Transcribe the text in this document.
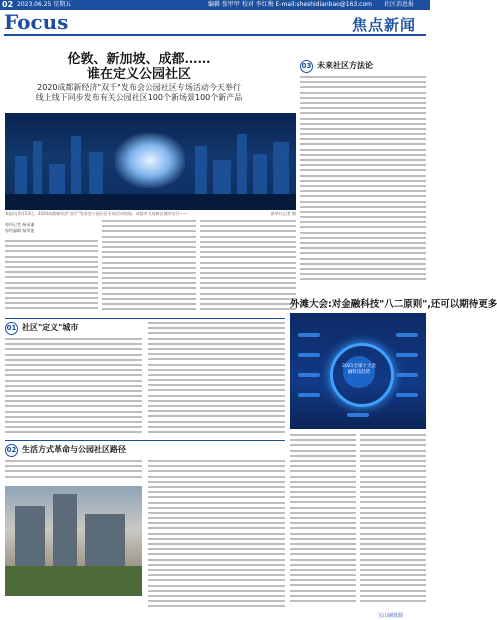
02 2023.06.25 星期五	编辑 张甲甲 校对 李红梅 E-mail:sheshidianbao@163.com 社区消息报
Focus	焦点新闻
伦敦、新加坡、成都……
谁在定义公园社区
2020成都新经济"双千"发布会公园社区专场活动今天举行
线上线下同步发布有关公园社区100个新场景100个新产品
03 未来社区方法论
本报讯 6月23日，2020成都新经济"双千"发布会公园社区专场活动现场，成都市天府新区城市设计——	新华社记者 摄
每经记者 杨承谦
每经编辑 杨翠莲
01 社区"定义"城市
02 生活方式革命与公园社区路径
外滩大会:对金融科技"八二原则",还可以期待更多
2021全球十大金融科技趋势
宝山钢铁源
